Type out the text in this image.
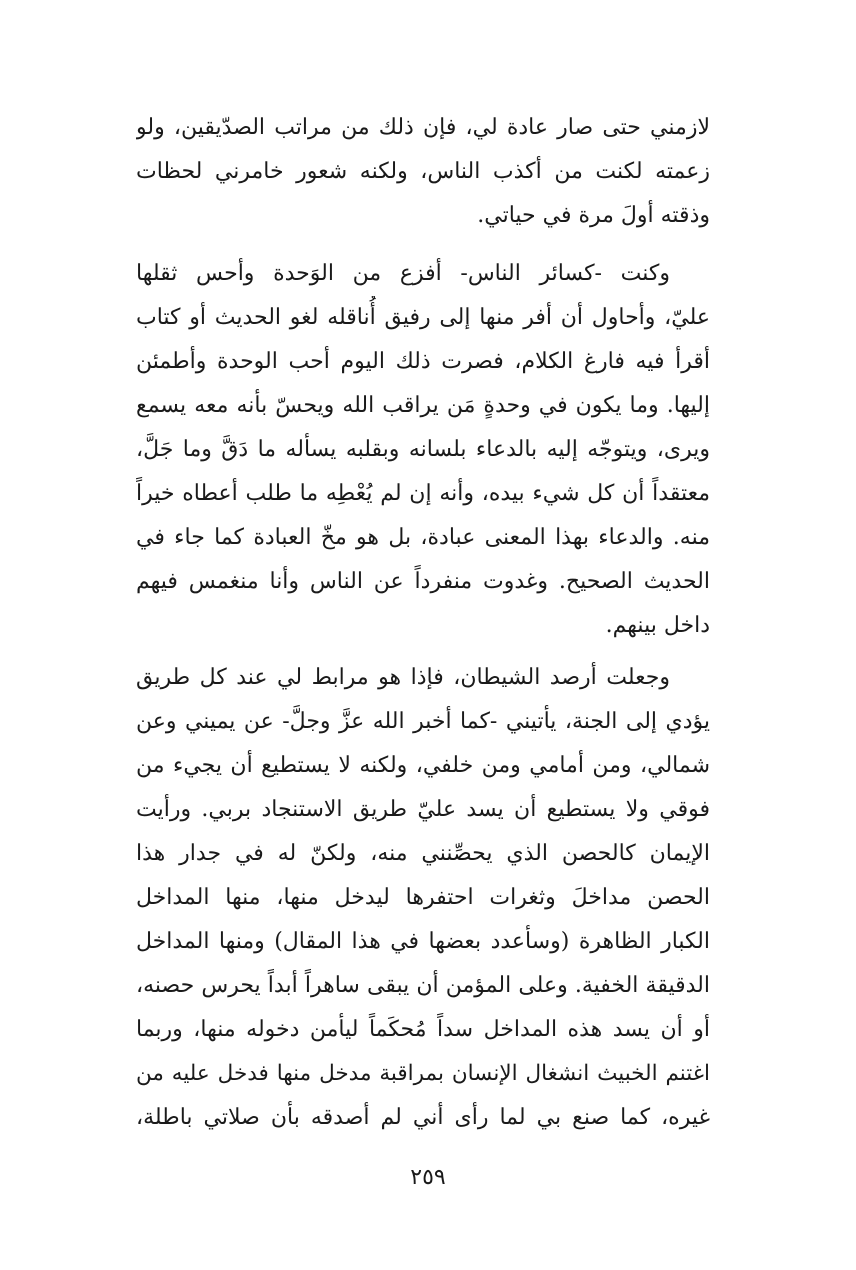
لازمني حتى صار عادة لي، فإن ذلك من مراتب الصدّيقين، ولو
زعمته لكنت من أكذب الناس، ولكنه شعور خامرني لحظات
وذقته أولَ مرة في حياتي.
وكنت -كسائر الناس- أفزع من الوَحدة وأحس ثقلها
عليّ، وأحاول أن أفر منها إلى رفيق أُناقله لغو الحديث أو كتاب
أقرأ فيه فارغ الكلام، فصرت ذلك اليوم أحب الوحدة وأطمئن
إليها. وما يكون في وحدةٍ مَن يراقب الله ويحسّ بأنه معه يسمع
ويرى، ويتوجّه إليه بالدعاء بلسانه وبقلبه يسأله ما دَقَّ وما جَلَّ،
معتقداً أن كل شيء بيده، وأنه إن لم يُعْطِه ما طلب أعطاه خيراً
منه. والدعاء بهذا المعنى عبادة، بل هو مخّ العبادة كما جاء في
الحديث الصحيح. وغدوت منفرداً عن الناس وأنا منغمس فيهم
داخل بينهم.
وجعلت أرصد الشيطان، فإذا هو مرابط لي عند كل طريق
يؤدي إلى الجنة، يأتيني -كما أخبر الله عزَّ وجلَّ- عن يميني وعن
شمالي، ومن أمامي ومن خلفي، ولكنه لا يستطيع أن يجيء من
فوقي ولا يستطيع أن يسد عليّ طريق الاستنجاد بربي. ورأيت
الإيمان كالحصن الذي يحصِّنني منه، ولكنّ له في جدار هذا
الحصن مداخلَ وثغرات احتفرها ليدخل منها، منها المداخل
الكبار الظاهرة (وسأعدد بعضها في هذا المقال) ومنها المداخل
الدقيقة الخفية. وعلى المؤمن أن يبقى ساهراً أبداً يحرس حصنه،
أو أن يسد هذه المداخل سداً مُحكَماً ليأمن دخوله منها، وربما
اغتنم الخبيث انشغال الإنسان بمراقبة مدخل منها فدخل عليه من
غيره، كما صنع بي لما رأى أني لم أصدقه بأن صلاتي باطلة،
٢٥٩
